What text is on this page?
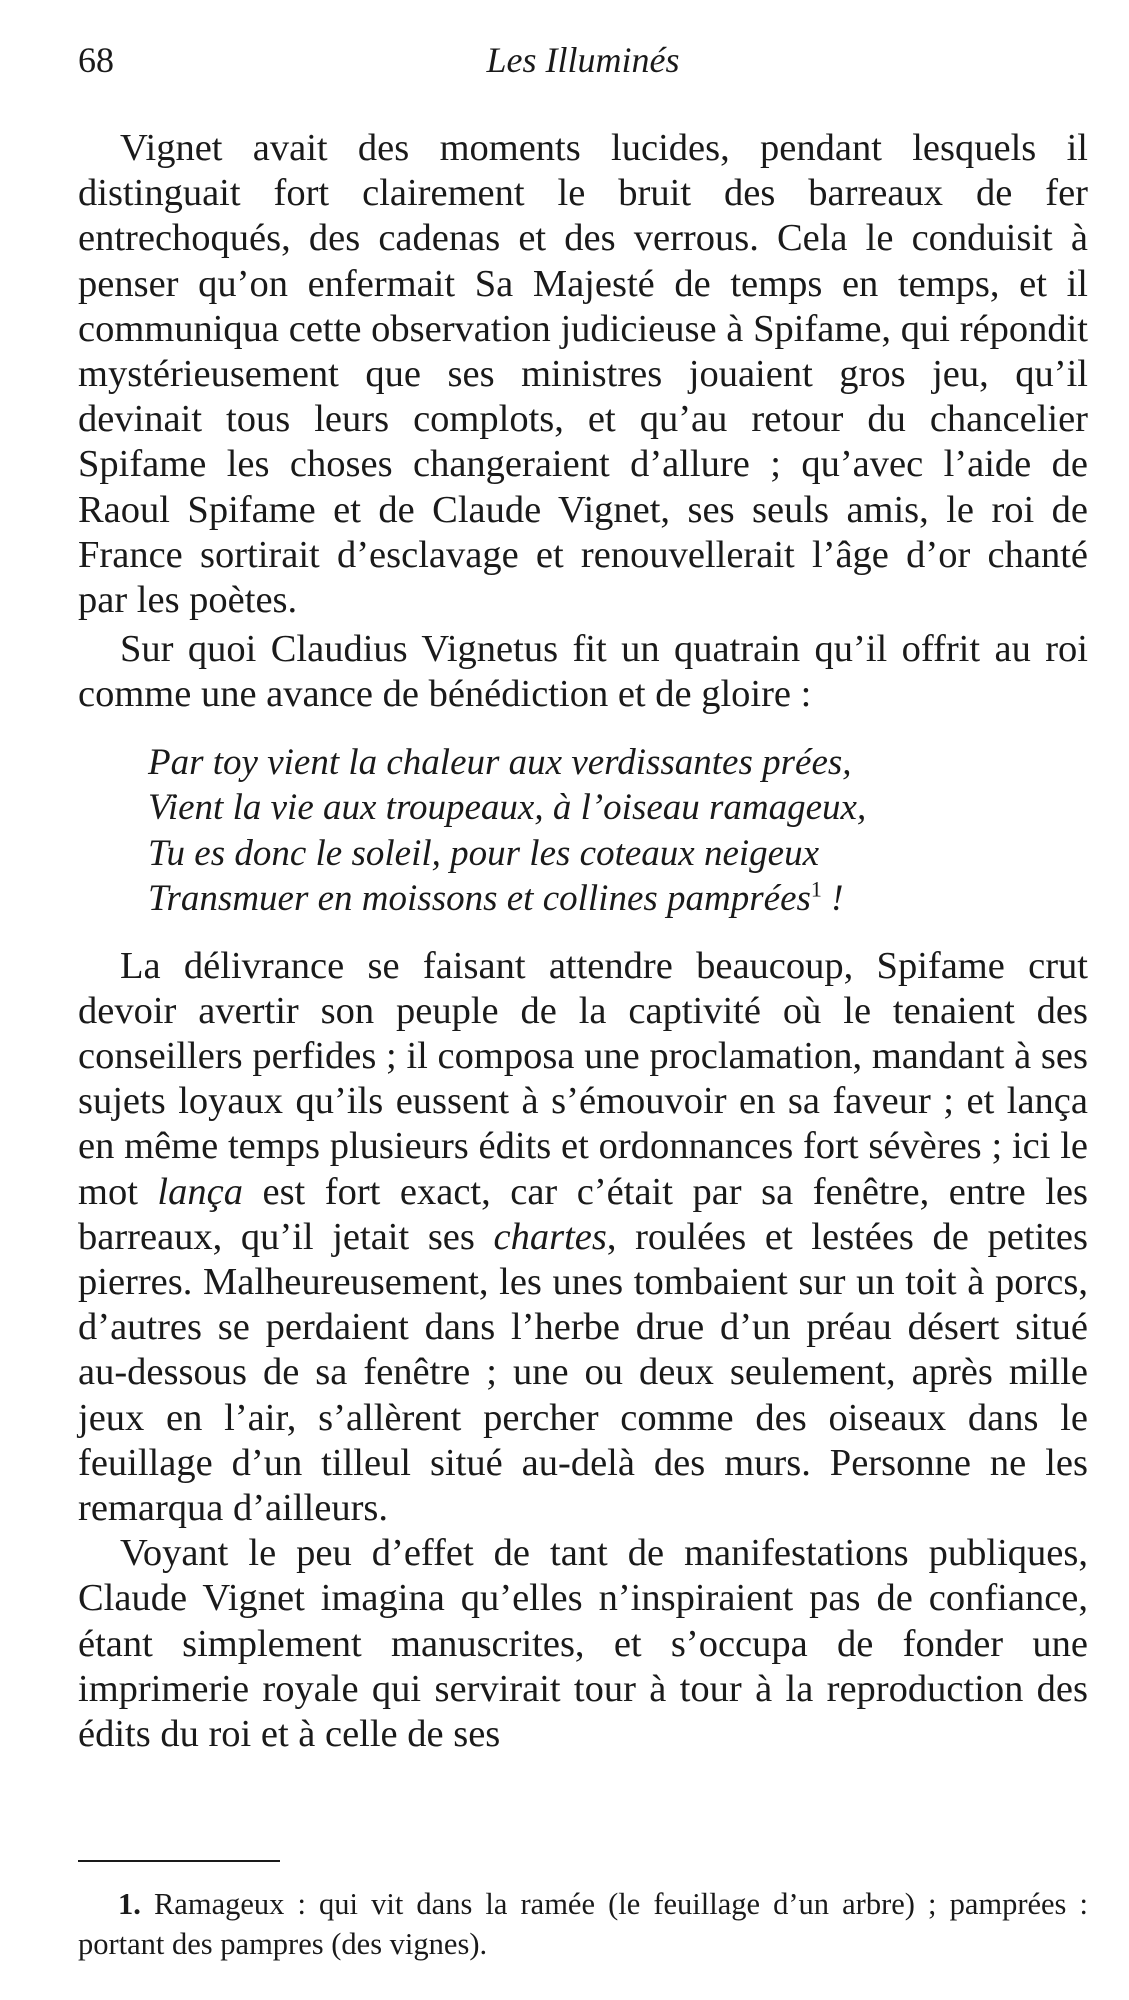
68	Les Illuminés

Vignet avait des moments lucides, pendant lesquels il distinguait fort clairement le bruit des barreaux de fer entrechoqués, des cadenas et des verrous. Cela le conduisit à penser qu’on enfermait Sa Majesté de temps en temps, et il communiqua cette observation judicieuse à Spifame, qui répondit mystérieusement que ses ministres jouaient gros jeu, qu’il devinait tous leurs complots, et qu’au retour du chancelier Spifame les choses changeraient d’allure ; qu’avec l’aide de Raoul Spifame et de Claude Vignet, ses seuls amis, le roi de France sortirait d’esclavage et renouvellerait l’âge d’or chanté par les poètes.

Sur quoi Claudius Vignetus fit un quatrain qu’il offrit au roi comme une avance de bénédiction et de gloire :

Par toy vient la chaleur aux verdissantes prées,
Vient la vie aux troupeaux, à l’oiseau ramageux,
Tu es donc le soleil, pour les coteaux neigeux
Transmuer en moissons et collines pamprées$^1$ !

La délivrance se faisant attendre beaucoup, Spifame crut devoir avertir son peuple de la captivité où le tenaient des conseillers perfides ; il composa une proclamation, mandant à ses sujets loyaux qu’ils eussent à s’émouvoir en sa faveur ; et lança en même temps plusieurs édits et ordonnances fort sévères ; ici le mot lança est fort exact, car c’était par sa fenêtre, entre les barreaux, qu’il jetait ses chartes, roulées et lestées de petites pierres. Malheureusement, les unes tombaient sur un toit à porcs, d’autres se perdaient dans l’herbe drue d’un préau désert situé au-dessous de sa fenêtre ; une ou deux seulement, après mille jeux en l’air, s’allèrent percher comme des oiseaux dans le feuillage d’un tilleul situé au-delà des murs. Personne ne les remarqua d’ailleurs.

Voyant le peu d’effet de tant de manifestations publiques, Claude Vignet imagina qu’elles n’inspiraient pas de confiance, étant simplement manuscrites, et s’occupa de fonder une imprimerie royale qui servirait tour à tour à la reproduction des édits du roi et à celle de ses

1. Ramageux : qui vit dans la ramée (le feuillage d’un arbre) ; pamprées : portant des pampres (des vignes).
